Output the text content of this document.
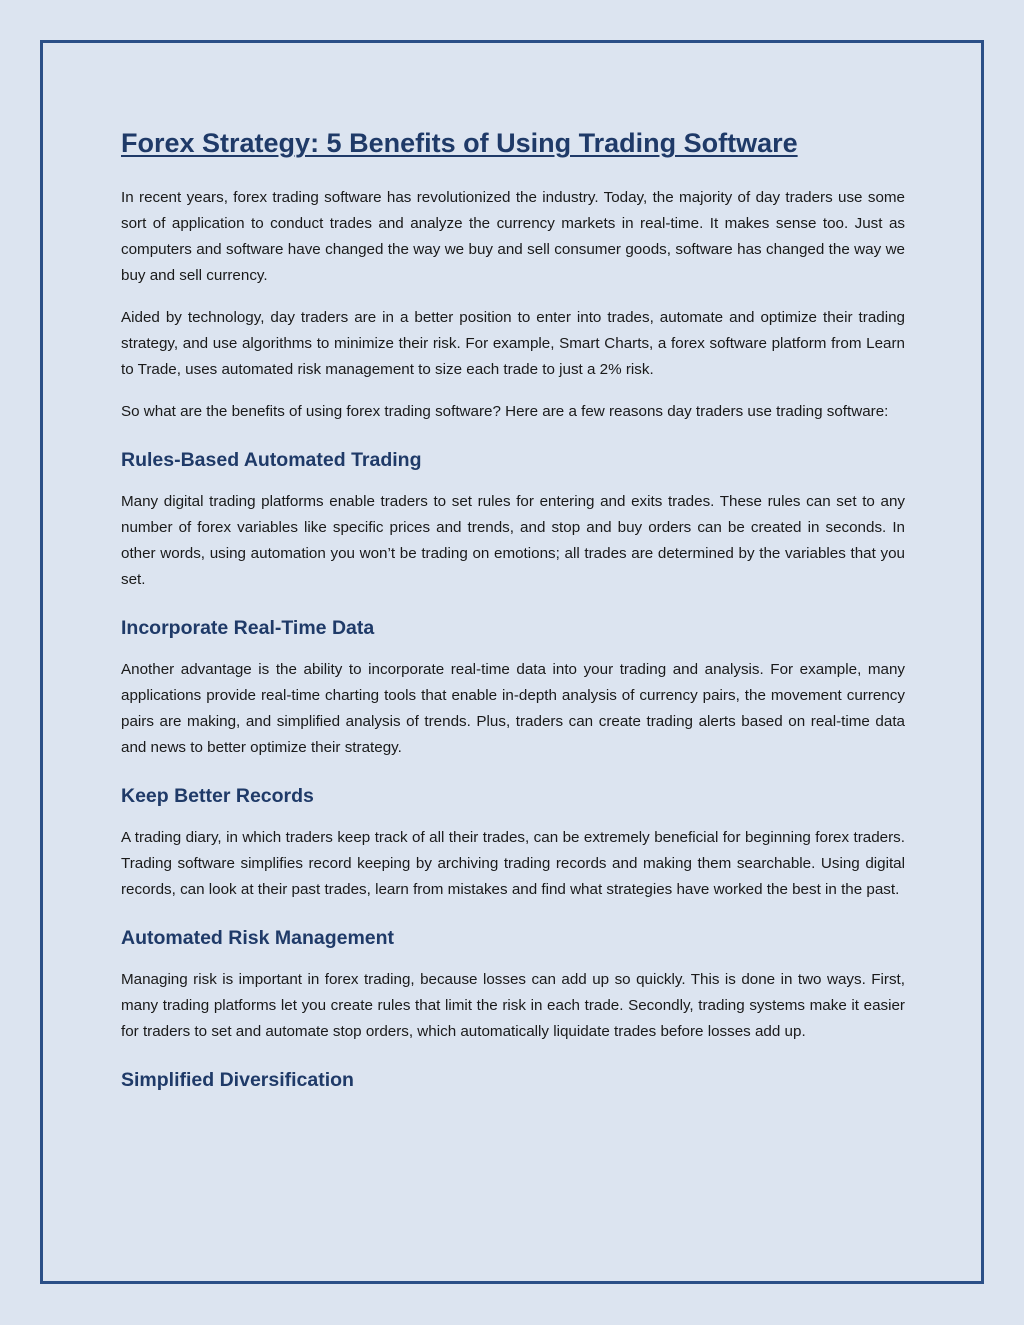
Forex Strategy: 5 Benefits of Using Trading Software

In recent years, forex trading software has revolutionized the industry. Today, the majority of day traders use some sort of application to conduct trades and analyze the currency markets in real-time. It makes sense too. Just as computers and software have changed the way we buy and sell consumer goods, software has changed the way we buy and sell currency.

Aided by technology, day traders are in a better position to enter into trades, automate and optimize their trading strategy, and use algorithms to minimize their risk. For example, Smart Charts, a forex software platform from Learn to Trade, uses automated risk management to size each trade to just a 2% risk.

So what are the benefits of using forex trading software? Here are a few reasons day traders use trading software:

Rules-Based Automated Trading

Many digital trading platforms enable traders to set rules for entering and exits trades. These rules can set to any number of forex variables like specific prices and trends, and stop and buy orders can be created in seconds. In other words, using automation you won’t be trading on emotions; all trades are determined by the variables that you set.

Incorporate Real-Time Data

Another advantage is the ability to incorporate real-time data into your trading and analysis. For example, many applications provide real-time charting tools that enable in-depth analysis of currency pairs, the movement currency pairs are making, and simplified analysis of trends. Plus, traders can create trading alerts based on real-time data and news to better optimize their strategy.

Keep Better Records

A trading diary, in which traders keep track of all their trades, can be extremely beneficial for beginning forex traders. Trading software simplifies record keeping by archiving trading records and making them searchable. Using digital records, can look at their past trades, learn from mistakes and find what strategies have worked the best in the past.

Automated Risk Management

Managing risk is important in forex trading, because losses can add up so quickly. This is done in two ways. First, many trading platforms let you create rules that limit the risk in each trade. Secondly, trading systems make it easier for traders to set and automate stop orders, which automatically liquidate trades before losses add up.

Simplified Diversification
